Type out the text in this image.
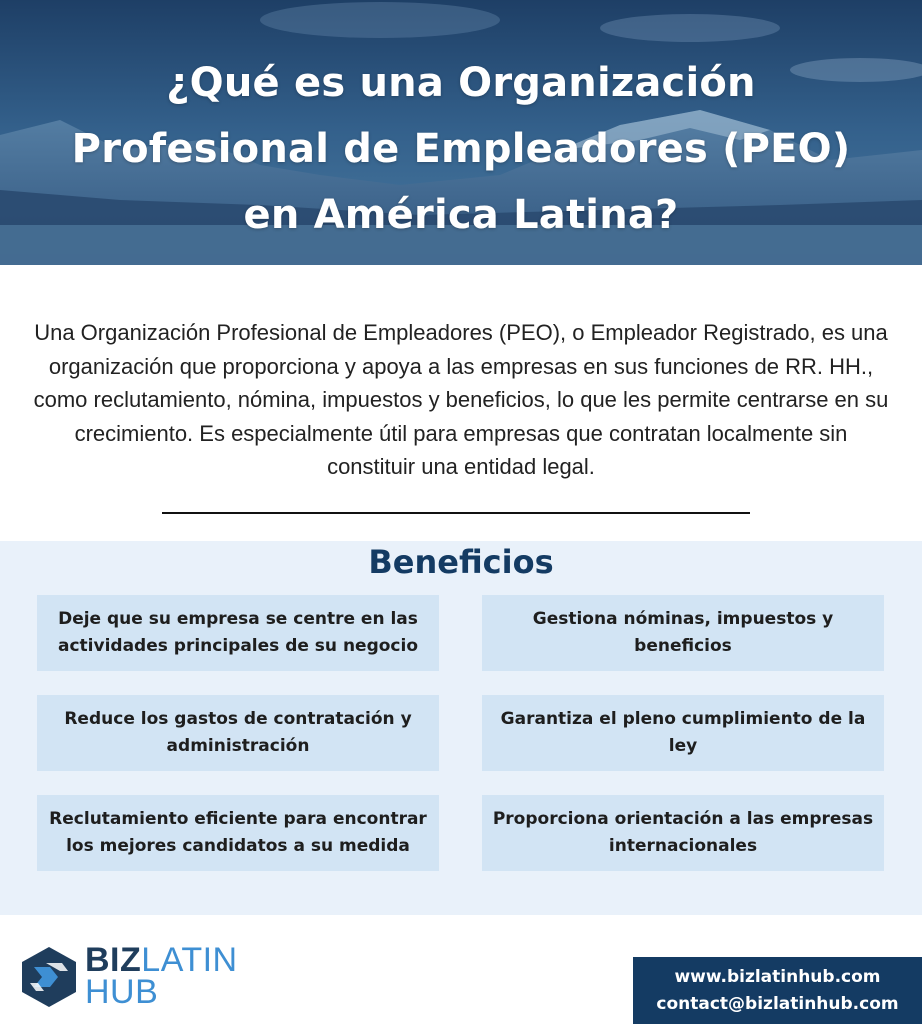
¿Qué es una Organización Profesional de Empleadores (PEO) en América Latina?
Una Organización Profesional de Empleadores (PEO), o Empleador Registrado, es una organización que proporciona y apoya a las empresas en sus funciones de RR. HH., como reclutamiento, nómina, impuestos y beneficios, lo que les permite centrarse en su crecimiento. Es especialmente útil para empresas que contratan localmente sin constituir una entidad legal.
Beneficios
Deje que su empresa se centre en las actividades principales de su negocio
Gestiona nóminas, impuestos y beneficios
Reduce los gastos de contratación y administración
Garantiza el pleno cumplimiento de la ley
Reclutamiento eficiente para encontrar los mejores candidatos a su medida
Proporciona orientación a las empresas internacionales
BIZLATIN
HUB	www.bizlatinhub.com
contact@bizlatinhub.com
